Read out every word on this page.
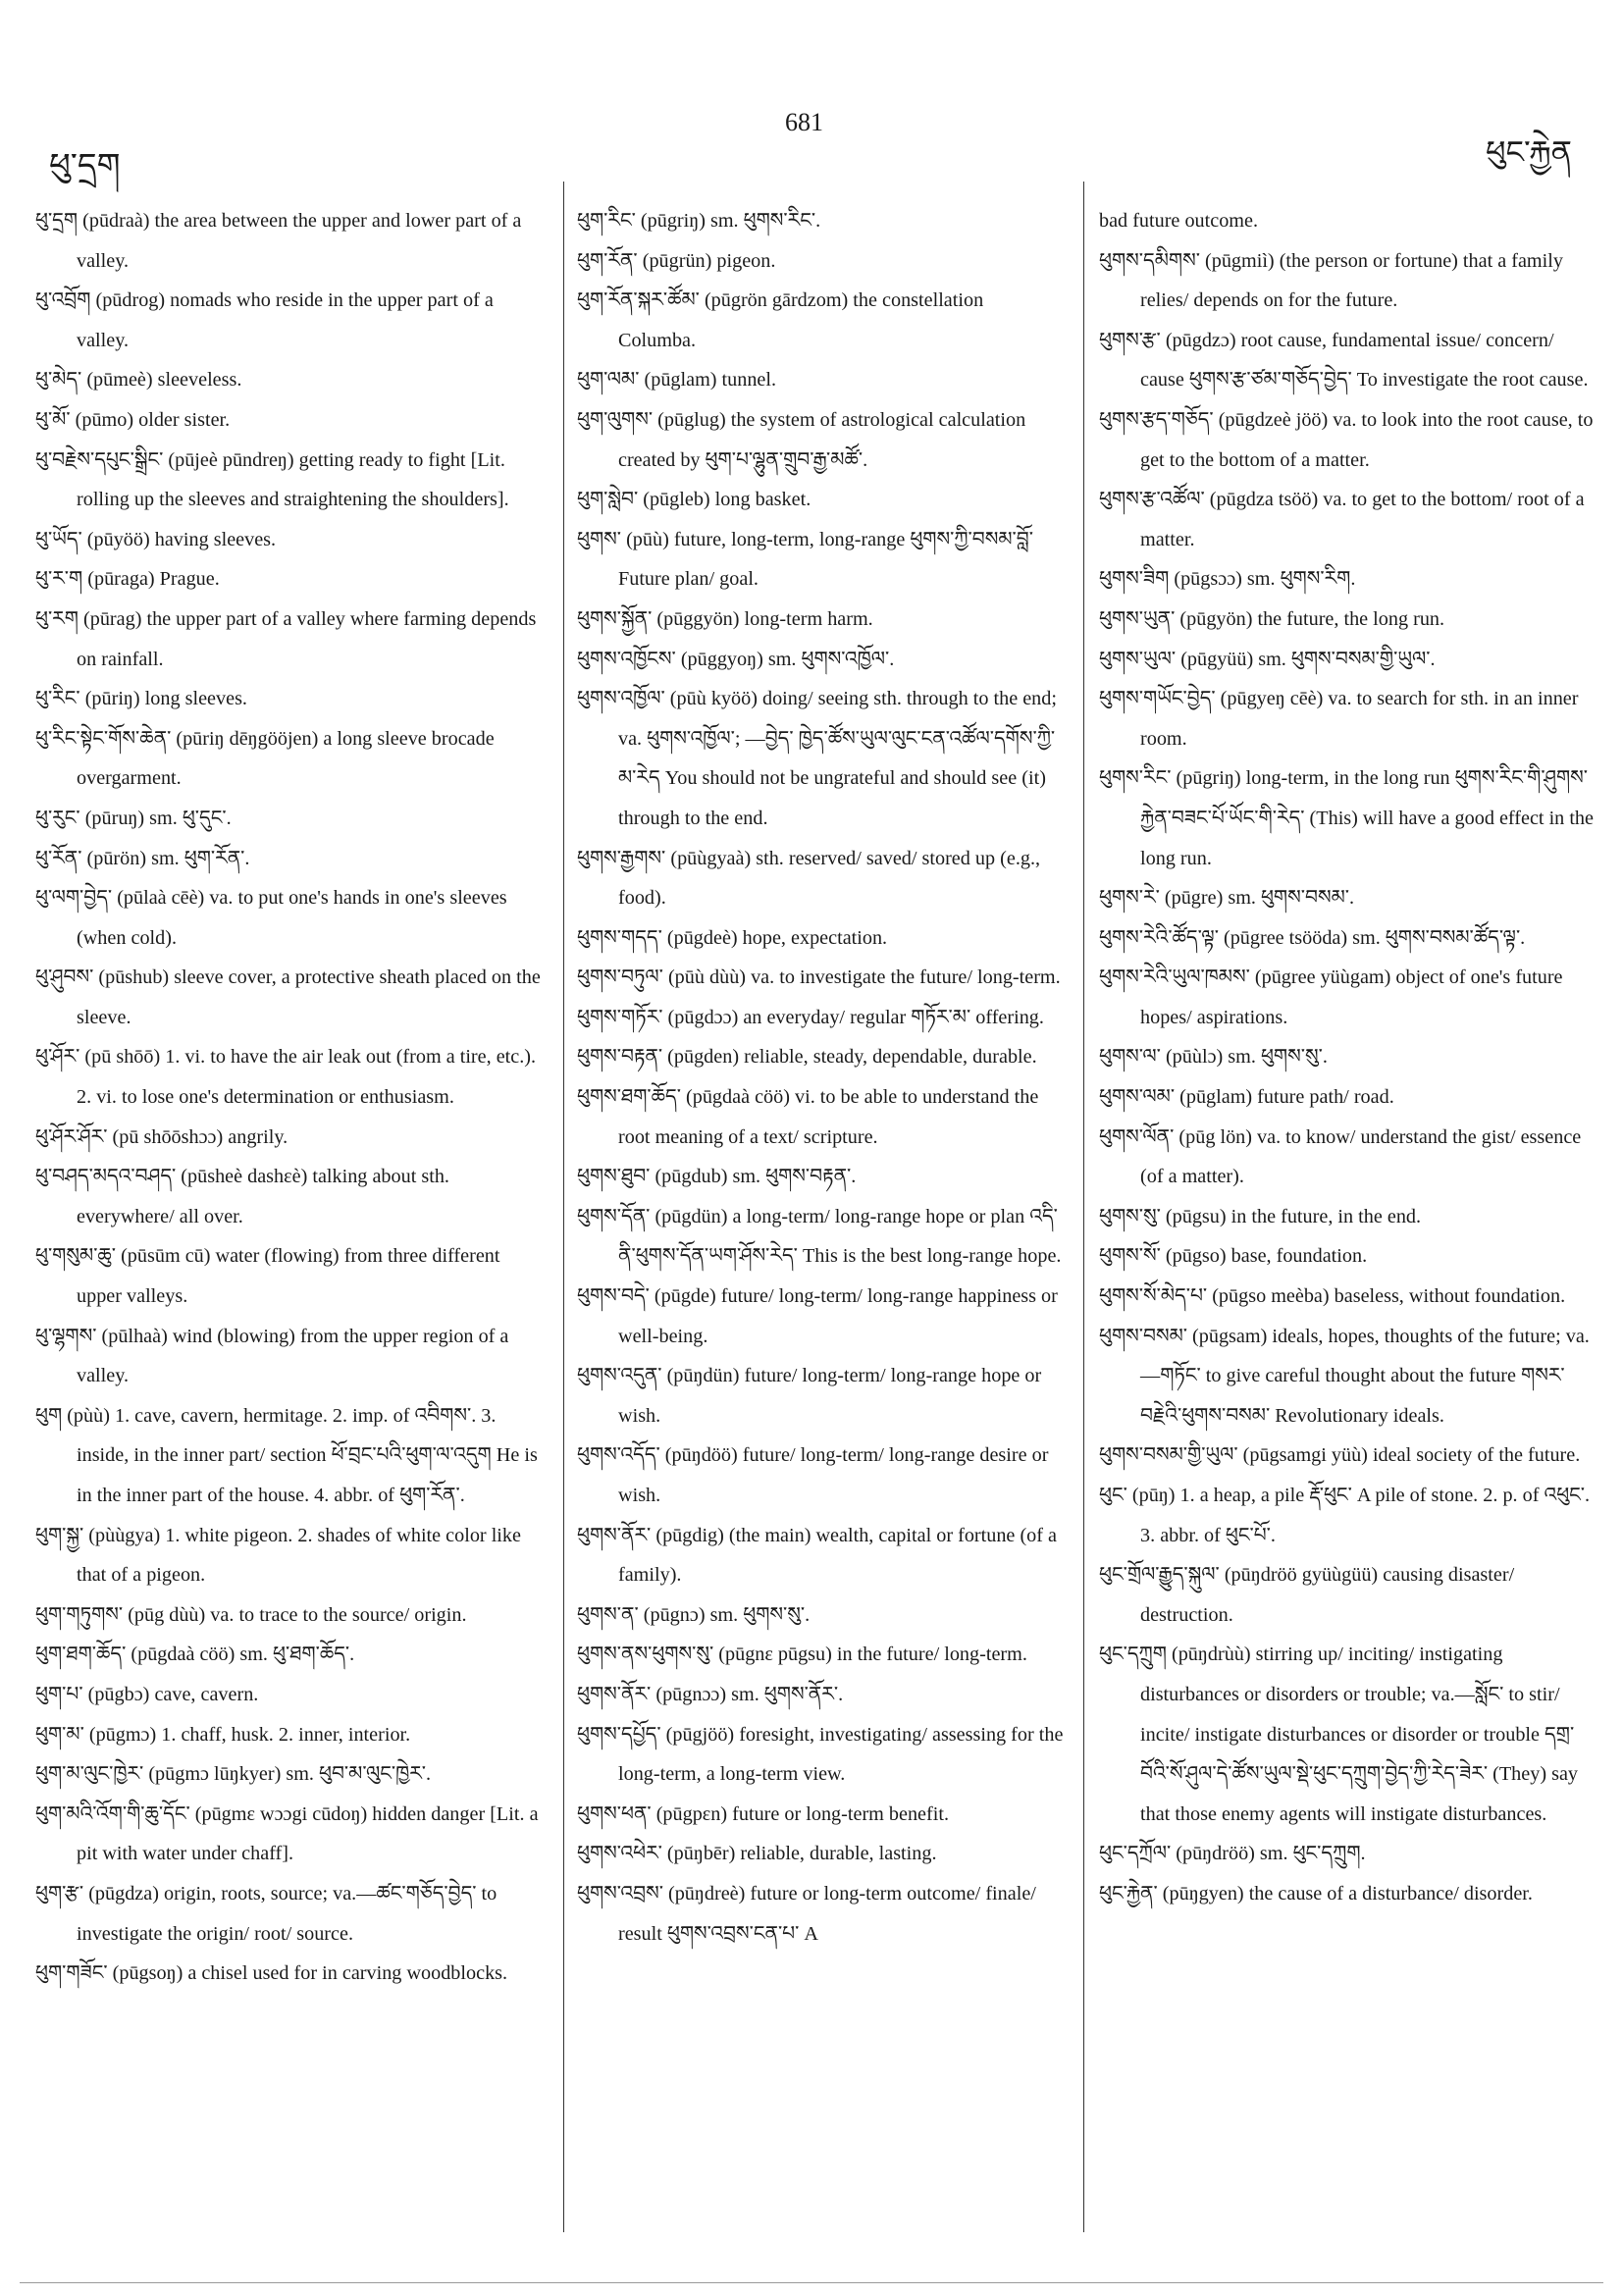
ཕུ་དྲག
681
ཕུང་རྐྱེན

ཕུ་དྲག (pūdraà) the area between the upper and lower part of a valley.

ཕུ་འབྲོག (pūdrog) nomads who reside in the upper part of a valley.

ཕུ་མེད་ (pūmeè) sleeveless.

ཕུ་མོ་ (pūmo) older sister.

ཕུ་བརྗེས་དཔུང་སྒྲིང་ (pūjeè pūndreŋ) getting ready to fight [Lit. rolling up the sleeves and straightening the shoulders].

ཕུ་ཡོད་ (pūyöö) having sleeves.

ཕུ་ར་ག (pūraga) Prague.

ཕུ་རག (pūrag) the upper part of a valley where farming depends on rainfall.

ཕུ་རིང་ (pūriŋ) long sleeves.

ཕུ་རིང་སྟེང་གོས་ཆེན་ (pūriŋ dēŋgööjen) a long sleeve brocade overgarment.

ཕུ་རུང་ (pūruŋ) sm. ཕུ་དུང་.

ཕུ་རོན་ (pūrön) sm. ཕུག་རོན་.

ཕུ་ལག་བྱེད་ (pūlaà cēè) va. to put one's hands in one's sleeves (when cold).

ཕུ་ཤུབས་ (pūshub) sleeve cover, a protective sheath placed on the sleeve.

ཕུ་ཤོར་ (pū shōō) 1. vi. to have the air leak out (from a tire, etc.). 2. vi. to lose one's determination or enthusiasm.

ཕུ་ཤོར་ཤོར་ (pū shōōshɔɔ) angrily.

ཕུ་བཤད་མདའ་བཤད་ (pūsheè dashεè) talking about sth. everywhere/ all over.

ཕུ་གསུམ་ཆུ་ (pūsūm cū) water (flowing) from three different upper valleys.

ཕུ་ལྷགས་ (pūlhaà) wind (blowing) from the upper region of a valley.

ཕུག (pùù) 1. cave, cavern, hermitage. 2. imp. of འབིགས་. 3. inside, in the inner part/ section ཕོ་བྲང་པའི་ཕུག་ལ་འདུག He is in the inner part of the house. 4. abbr. of ཕུག་རོན་.

ཕུག་སྐྱ་ (pùùgya) 1. white pigeon. 2. shades of white color like that of a pigeon.

ཕུག་གཏུགས་ (pūg dùù) va. to trace to the source/ origin.

ཕུག་ཐག་ཆོད་ (pūgdaà cöö) sm. ཕུ་ཐག་ཆོད་.

ཕུག་པ་ (pūgbɔ) cave, cavern.

ཕུག་མ་ (pūgmɔ) 1. chaff, husk. 2. inner, interior.

ཕུག་མ་ལུང་ཁྱེར་ (pūgmɔ lūŋkyer) sm. ཕུབ་མ་ལུང་ཁྱེར་.

ཕུག་མའི་འོག་གི་ཆུ་དོང་ (pūgmε wɔɔgi cūdoŋ) hidden danger [Lit. a pit with water under chaff].

ཕུག་རྩ་ (pūgdza) origin, roots, source; va.—ཚང་གཅོད་བྱེད་ to investigate the origin/ root/ source.

ཕུག་གཟོང་ (pūgsoŋ) a chisel used for in carving woodblocks.

ཕུག་རིང་ (pūgriŋ) sm. ཕུགས་རིང་.

ཕུག་རོན་ (pūgrün) pigeon.

ཕུག་རོན་སྐར་ཚོམ་ (pūgrön gārdzom) the constellation Columba.

ཕུག་ལམ་ (pūglam) tunnel.

ཕུག་ལུགས་ (pūglug) the system of astrological calculation created by ཕུག་པ་ལྷུན་གྲུབ་རྒྱ་མཚོ་.

ཕུག་སླེབ་ (pūgleb) long basket.

ཕུགས་ (pūù) future, long-term, long-range ཕུགས་ཀྱི་བསམ་བློ་ Future plan/ goal.

ཕུགས་སྐྱོན་ (pūggyön) long-term harm.

ཕུགས་འཁྱོངས་ (pūggyoŋ) sm. ཕུགས་འཁྱོལ་.

ཕུགས་འཁྱོལ་ (pūù kyöö) doing/ seeing sth. through to the end; va. ཕུགས་འཁྱོལ་; —བྱེད་ ཁྱེད་ཚོས་ཡུལ་ལུང་ངན་འཚོལ་དགོས་ཀྱི་མ་རེད You should not be ungrateful and should see (it) through to the end.

ཕུགས་རྒྱགས་ (pūùgyaà) sth. reserved/ saved/ stored up (e.g., food).

ཕུགས་གདད་ (pūgdeè) hope, expectation.

ཕུགས་བཏུལ་ (pūù dùù) va. to investigate the future/ long-term.

ཕུགས་གཏོར་ (pūgdɔɔ) an everyday/ regular གཏོར་མ་ offering.

ཕུགས་བརྟན་ (pūgden) reliable, steady, dependable, durable.

ཕུགས་ཐག་ཆོད་ (pūgdaà cöö) vi. to be able to understand the root meaning of a text/ scripture.

ཕུགས་ཐུབ་ (pūgdub) sm. ཕུགས་བརྟན་.

ཕུགས་དོན་ (pūgdün) a long-term/ long-range hope or plan འདི་ནི་ཕུགས་དོན་ཡག་ཤོས་རེད་ This is the best long-range hope.

ཕུགས་བདེ་ (pūgde) future/ long-term/ long-range happiness or well-being.

ཕུགས་འདུན་ (pūŋdün) future/ long-term/ long-range hope or wish.

ཕུགས་འདོད་ (pūŋdöö) future/ long-term/ long-range desire or wish.

ཕུགས་ནོར་ (pūgdig) (the main) wealth, capital or fortune (of a family).

ཕུགས་ན་ (pūgnɔ) sm. ཕུགས་སུ་.

ཕུགས་ནས་ཕུགས་སུ་ (pūgnε pūgsu) in the future/ long-term.

ཕུགས་ནོར་ (pūgnɔɔ) sm. ཕུགས་ནོར་.

ཕུགས་དཔྱོད་ (pūgjöö) foresight, investigating/ assessing for the long-term, a long-term view.

ཕུགས་ཕན་ (pūgpεn) future or long-term benefit.

ཕུགས་འཕེར་ (pūŋbēr) reliable, durable, lasting.

ཕུགས་འབྲས་ (pūŋdreè) future or long-term outcome/ finale/ result ཕུགས་འབྲས་ངན་པ་ A

bad future outcome.

ཕུགས་དམིགས་ (pūgmiì) (the person or fortune) that a family relies/ depends on for the future.

ཕུགས་རྩ་ (pūgdzɔ) root cause, fundamental issue/ concern/ cause ཕུགས་རྩ་ཙམ་གཅོད་བྱེད་ To investigate the root cause.

ཕུགས་རྩད་གཅོད་ (pūgdzeè jöö) va. to look into the root cause, to get to the bottom of a matter.

ཕུགས་རྩ་འཚོལ་ (pūgdza tsöö) va. to get to the bottom/ root of a matter.

ཕུགས་ཟིག (pūgsɔɔ) sm. ཕུགས་རིག.

ཕུགས་ཡུན་ (pūgyön) the future, the long run.

ཕུགས་ཡུལ་ (pūgyüü) sm. ཕུགས་བསམ་གྱི་ཡུལ་.

ཕུགས་གཡོང་བྱེད་ (pūgyeŋ cēè) va. to search for sth. in an inner room.

ཕུགས་རིང་ (pūgriŋ) long-term, in the long run ཕུགས་རིང་གི་ཤུགས་རྐྱེན་བཟང་པོ་ཡོང་གི་རེད་ (This) will have a good effect in the long run.

ཕུགས་རེ་ (pūgre) sm. ཕུགས་བསམ་.

ཕུགས་རེའི་ཚོད་ལྟ་ (pūgree tsööda) sm. ཕུགས་བསམ་ཚོད་ལྟ་.

ཕུགས་རེའི་ཡུལ་ཁམས་ (pūgree yüùgam) object of one's future hopes/ aspirations.

ཕུགས་ལ་ (pūùlɔ) sm. ཕུགས་སུ་.

ཕུགས་ལམ་ (pūglam) future path/ road.

ཕུགས་ལོན་ (pūg lön) va. to know/ understand the gist/ essence (of a matter).

ཕུགས་སུ་ (pūgsu) in the future, in the end.

ཕུགས་སོ་ (pūgso) base, foundation.

ཕུགས་སོ་མེད་པ་ (pūgso meèba) baseless, without foundation.

ཕུགས་བསམ་ (pūgsam) ideals, hopes, thoughts of the future; va.—གཏོང་ to give careful thought about the future གསར་བརྗེའི་ཕུགས་བསམ་ Revolutionary ideals.

ཕུགས་བསམ་གྱི་ཡུལ་ (pūgsamgi yüù) ideal society of the future.

ཕུང་ (pūŋ) 1. a heap, a pile རྡོ་ཕུང་ A pile of stone. 2. p. of འཕུང་. 3. abbr. of ཕུང་པོ་.

ཕུང་གྲོལ་རྒྱུད་སྐུལ་ (pūŋdröö gyüùgüü) causing disaster/ destruction.

ཕུང་དཀྲུག (pūŋdrùù) stirring up/ inciting/ instigating disturbances or disorders or trouble; va.—སློང་ to stir/ incite/ instigate disturbances or disorder or trouble དགྲ་བོའི་སོ་ཤུལ་དེ་ཚོས་ཡུལ་སྡེ་ཕུང་དཀྲུག་བྱེད་ཀྱི་རེད་ཟེར་ (They) say that those enemy agents will instigate disturbances.

ཕུང་དཀྲོལ་ (pūŋdröö) sm. ཕུང་དཀྲུག.

ཕུང་རྐྱེན་ (pūŋgyen) the cause of a disturbance/ disorder.
